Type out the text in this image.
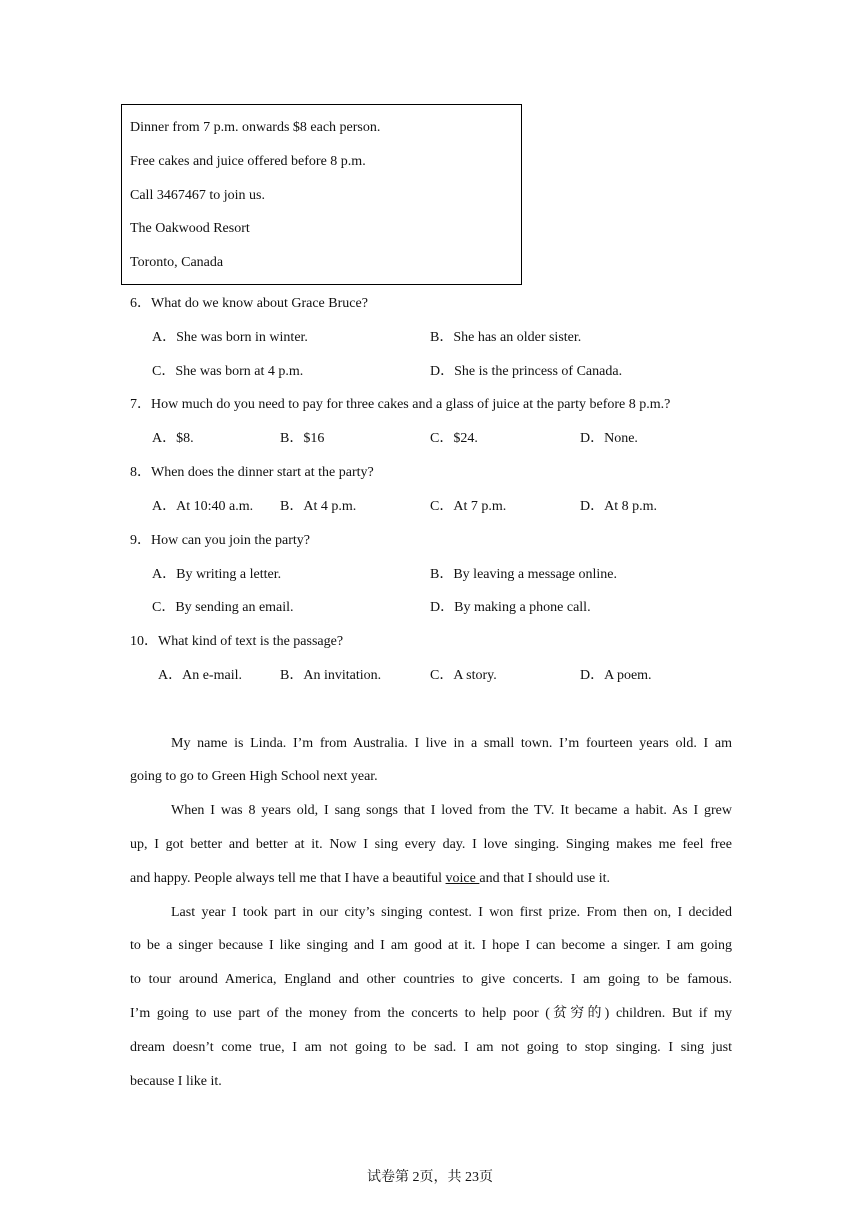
Dinner from 7 p.m. onwards $8 each person.
Free cakes and juice offered before 8 p.m.
Call 3467467 to join us.
The Oakwood Resort
Toronto, Canada
6．What do we know about Grace Bruce?
A．She was born in winter.	B．She has an older sister.
C．She was born at 4 p.m.	D．She is the princess of Canada.
7．How much do you need to pay for three cakes and a glass of juice at the party before 8 p.m.?
A．$8.	B．$16	C．$24.	D．None.
8．When does the dinner start at the party?
A．At 10:40 a.m. B．At 4 p.m.	C．At 7 p.m.	D．At 8 p.m.
9．How can you join the party?
A．By writing a letter.	B．By leaving a message online.
C．By sending an email.	D．By making a phone call.
10．What kind of text is the passage?
A．An e-mail.	B．An invitation.	C．A story.	D．A poem.
My name is Linda. I’m from Australia. I live in a small town. I’m fourteen years old. I am
going to go to Green High School next year.
When I was 8 years old, I sang songs that I loved from the TV. It became a habit. As I grew
up, I got better and better at it. Now I sing every day. I love singing. Singing makes me feel free
and happy. People always tell me that I have a beautiful voice and that I should use it.
Last year I took part in our city’s singing contest. I won first prize. From then on, I decided
to be a singer because I like singing and I am good at it. I hope I can become a singer. I am going
to tour around America, England and other countries to give concerts. I am going to be famous.
I’m going to use part of the money from the concerts to help poor (贫穷的) children. But if my
dream doesn’t come true, I am not going to be sad. I am not going to stop singing. I sing just
because I like it.
试卷第 2页，共 23页
